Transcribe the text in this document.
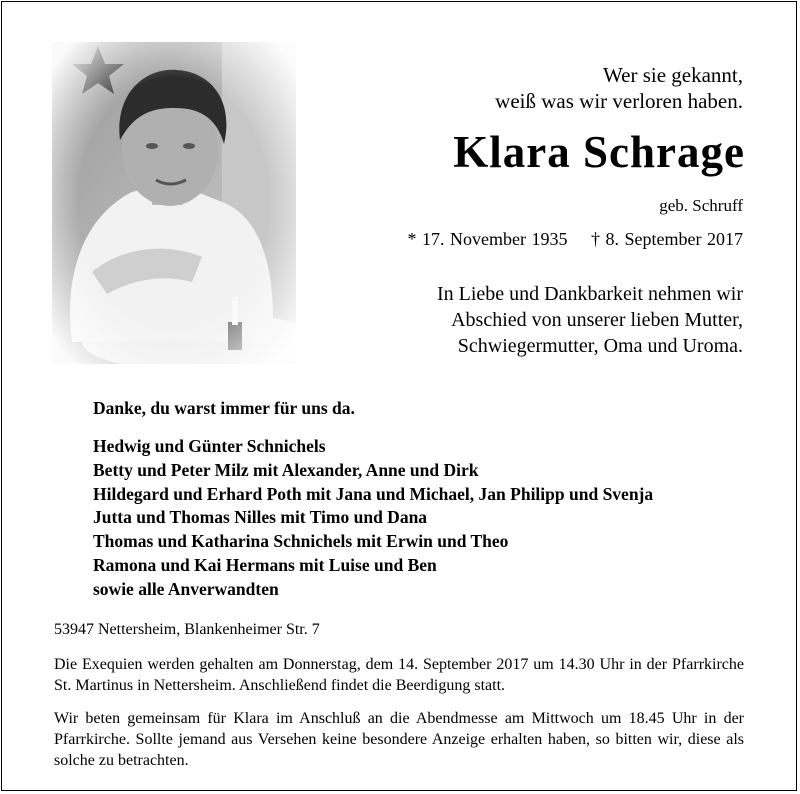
Wer sie gekannt,
weiß was wir verloren haben.
Klara Schrage
geb. Schruff
* 17. November 1935 † 8. September 2017
In Liebe und Dankbarkeit nehmen wir
Abschied von unserer lieben Mutter,
Schwiegermutter, Oma und Uroma.
Danke, du warst immer für uns da.
Hedwig und Günter Schnichels
Betty und Peter Milz mit Alexander, Anne und Dirk
Hildegard und Erhard Poth mit Jana und Michael, Jan Philipp und Svenja
Jutta und Thomas Nilles mit Timo und Dana
Thomas und Katharina Schnichels mit Erwin und Theo
Ramona und Kai Hermans mit Luise und Ben
sowie alle Anverwandten
53947 Nettersheim, Blankenheimer Str. 7
Die Exequien werden gehalten am Donnerstag, dem 14. September 2017 um 14.30 Uhr in der Pfarrkirche St. Martinus in Nettersheim. Anschließend findet die Beerdigung statt.
Wir beten gemeinsam für Klara im Anschluß an die Abendmesse am Mittwoch um 18.45 Uhr in der Pfarrkirche. Sollte jemand aus Versehen keine besondere Anzeige erhalten haben, so bitten wir, diese als solche zu betrachten.
